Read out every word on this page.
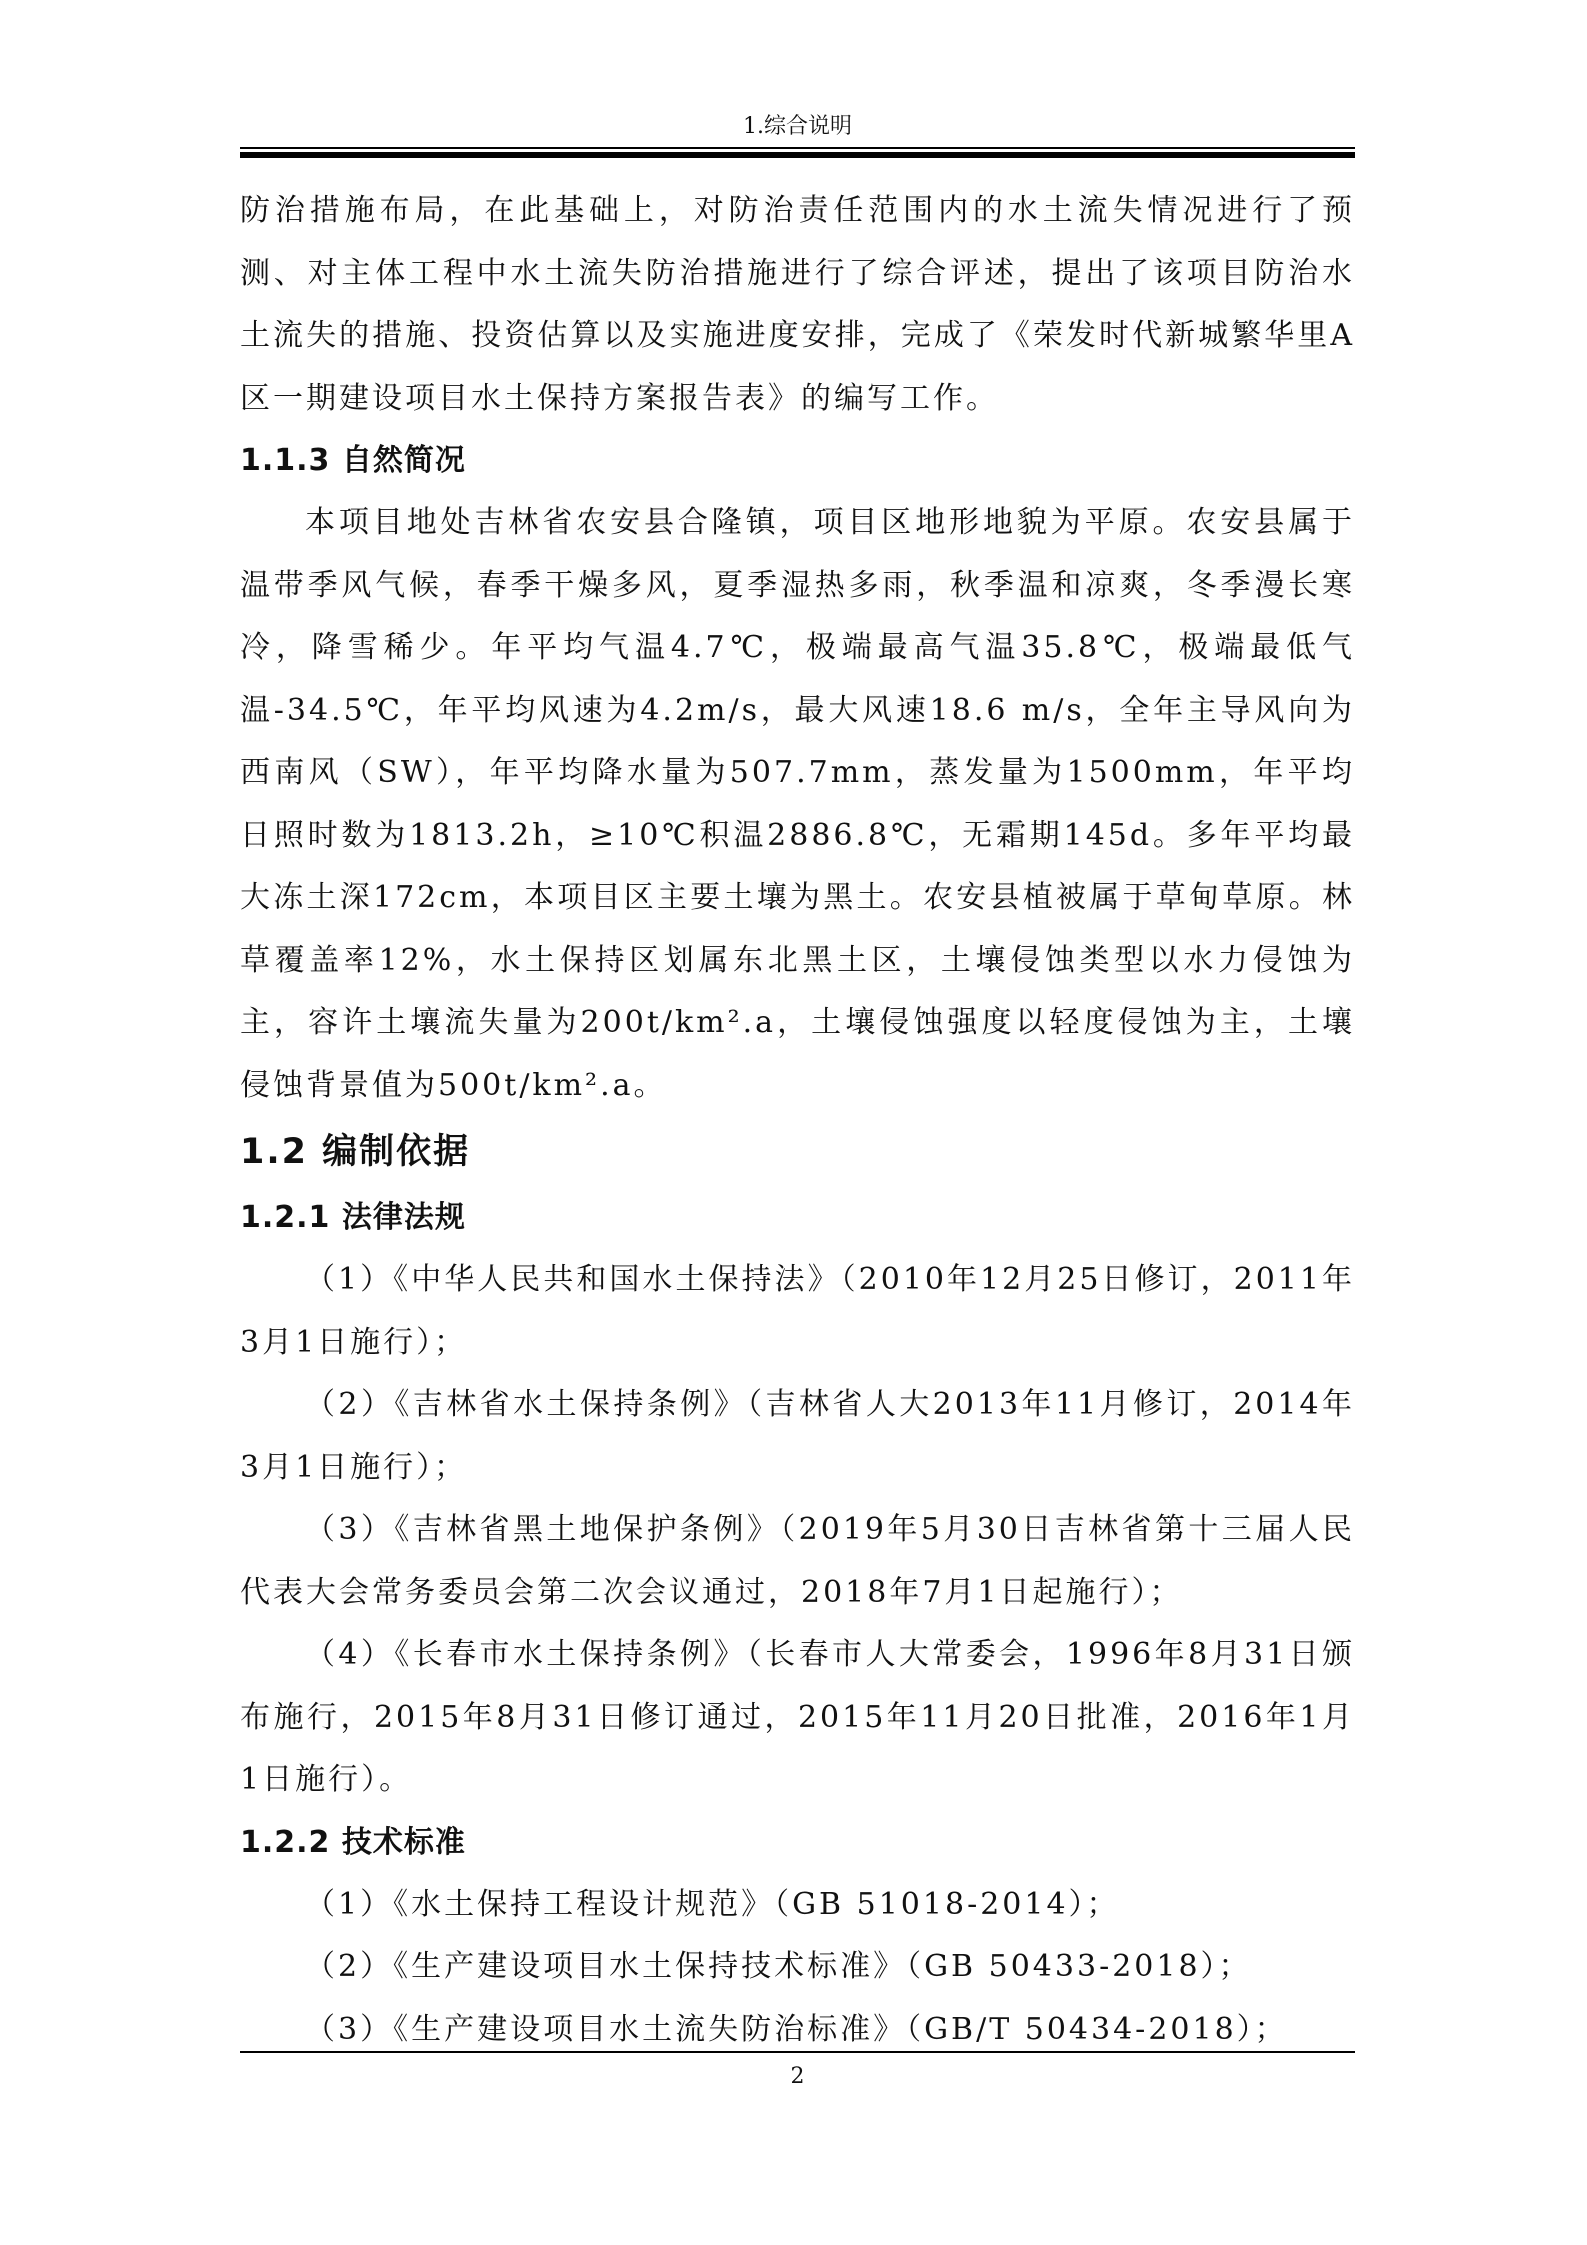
1.综合说明

防治措施布局，在此基础上，对防治责任范围内的水土流失情况进行了预测、对主体工程中水土流失防治措施进行了综合评述，提出了该项目防治水土流失的措施、投资估算以及实施进度安排，完成了《荣发时代新城繁华里A区一期建设项目水土保持方案报告表》的编写工作。

1.1.3 自然简况

本项目地处吉林省农安县合隆镇，项目区地形地貌为平原。农安县属于温带季风气候，春季干燥多风，夏季湿热多雨，秋季温和凉爽，冬季漫长寒冷，降雪稀少。年平均气温4.7℃，极端最高气温35.8℃，极端最低气温-34.5℃，年平均风速为4.2m/s，最大风速18.6 m/s，全年主导风向为西南风（SW），年平均降水量为507.7mm，蒸发量为1500mm，年平均日照时数为1813.2h，≥10℃积温2886.8℃，无霜期145d。多年平均最大冻土深172cm，本项目区主要土壤为黑土。农安县植被属于草甸草原。林草覆盖率12%，水土保持区划属东北黑土区，土壤侵蚀类型以水力侵蚀为主，容许土壤流失量为200t/km².a，土壤侵蚀强度以轻度侵蚀为主，土壤侵蚀背景值为500t/km².a。

1.2 编制依据
1.2.1 法律法规

（1）《中华人民共和国水土保持法》（2010年12月25日修订，2011年3月1日施行）；

（2）《吉林省水土保持条例》（吉林省人大2013年11月修订，2014年3月1日施行）；

（3）《吉林省黑土地保护条例》（2019年5月30日吉林省第十三届人民代表大会常务委员会第二次会议通过，2018年7月1日起施行）；

（4）《长春市水土保持条例》（长春市人大常委会，1996年8月31日颁布施行，2015年8月31日修订通过，2015年11月20日批准，2016年1月1日施行）。

1.2.2 技术标准

（1）《水土保持工程设计规范》（GB 51018-2014）；

（2）《生产建设项目水土保持技术标准》（GB 50433-2018）；

（3）《生产建设项目水土流失防治标准》（GB/T 50434-2018）；

2
